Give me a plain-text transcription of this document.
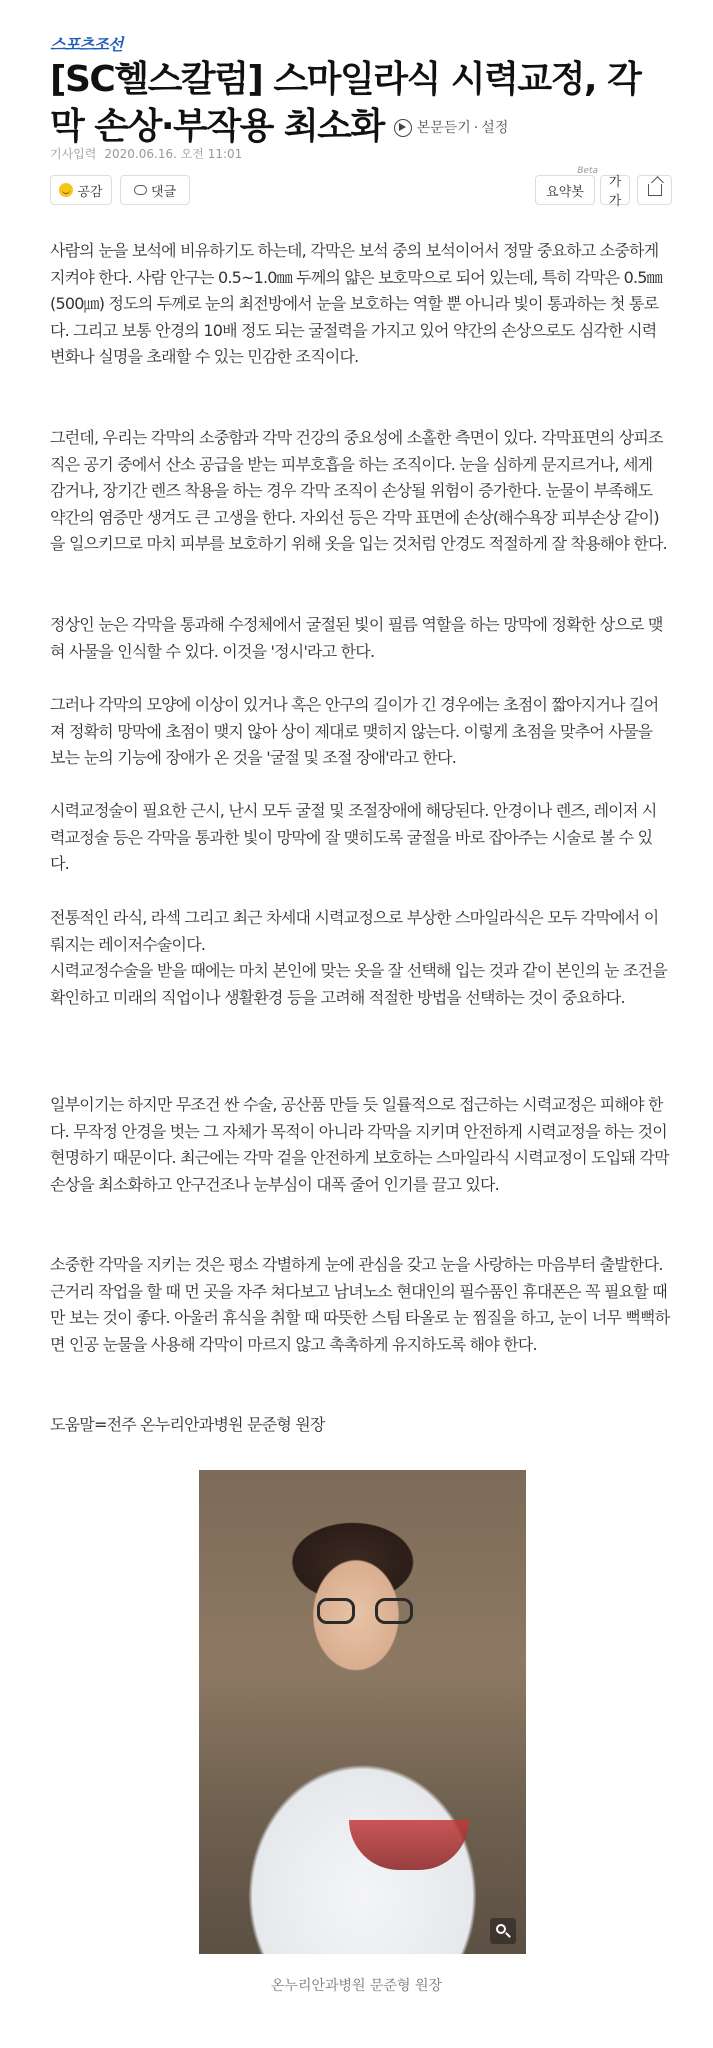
스포츠조선
[SC헬스칼럼] 스마일라식 시력교정, 각막 손상·부작용 최소화 본문듣기 · 설정
기사입력 2020.06.16. 오전 11:01
공감	댓글	요약봇
Beta
가가

사람의 눈을 보석에 비유하기도 하는데, 각막은 보석 중의 보석이어서 정말 중요하고 소중하게 지켜야 한다. 사람 안구는 0.5~1.0㎜ 두께의 얇은 보호막으로 되어 있는데, 특히 각막은 0.5㎜(500㎛) 정도의 두께로 눈의 최전방에서 눈을 보호하는 역할 뿐 아니라 빛이 통과하는 첫 통로다. 그리고 보통 안경의 10배 정도 되는 굴절력을 가지고 있어 약간의 손상으로도 심각한 시력 변화나 실명을 초래할 수 있는 민감한 조직이다.

그런데, 우리는 각막의 소중함과 각막 건강의 중요성에 소홀한 측면이 있다. 각막표면의 상피조직은 공기 중에서 산소 공급을 받는 피부호흡을 하는 조직이다. 눈을 심하게 문지르거나, 세게 감거나, 장기간 렌즈 착용을 하는 경우 각막 조직이 손상될 위험이 증가한다. 눈물이 부족해도 약간의 염증만 생겨도 큰 고생을 한다. 자외선 등은 각막 표면에 손상(해수욕장 피부손상 같이)을 일으키므로 마치 피부를 보호하기 위해 옷을 입는 것처럼 안경도 적절하게 잘 착용해야 한다.

정상인 눈은 각막을 통과해 수정체에서 굴절된 빛이 필름 역할을 하는 망막에 정확한 상으로 맺혀 사물을 인식할 수 있다. 이것을 '정시'라고 한다.

그러나 각막의 모양에 이상이 있거나 혹은 안구의 길이가 긴 경우에는 초점이 짧아지거나 길어져 정확히 망막에 초점이 맺지 않아 상이 제대로 맺히지 않는다. 이렇게 초점을 맞추어 사물을 보는 눈의 기능에 장애가 온 것을 '굴절 및 조절 장애'라고 한다.

시력교정술이 필요한 근시, 난시 모두 굴절 및 조절장애에 해당된다. 안경이나 렌즈, 레이저 시력교정술 등은 각막을 통과한 빛이 망막에 잘 맺히도록 굴절을 바로 잡아주는 시술로 볼 수 있다.

전통적인 라식, 라섹 그리고 최근 차세대 시력교정으로 부상한 스마일라식은 모두 각막에서 이뤄지는 레이저수술이다.

시력교정수술을 받을 때에는 마치 본인에 맞는 옷을 잘 선택해 입는 것과 같이 본인의 눈 조건을 확인하고 미래의 직업이나 생활환경 등을 고려해 적절한 방법을 선택하는 것이 중요하다.

일부이기는 하지만 무조건 싼 수술, 공산품 만들 듯 일률적으로 접근하는 시력교정은 피해야 한다. 무작정 안경을 벗는 그 자체가 목적이 아니라 각막을 지키며 안전하게 시력교정을 하는 것이 현명하기 때문이다. 최근에는 각막 겉을 안전하게 보호하는 스마일라식 시력교정이 도입돼 각막 손상을 최소화하고 안구건조나 눈부심이 대폭 줄어 인기를 끌고 있다.

소중한 각막을 지키는 것은 평소 각별하게 눈에 관심을 갖고 눈을 사랑하는 마음부터 출발한다. 근거리 작업을 할 때 먼 곳을 자주 쳐다보고 남녀노소 현대인의 필수품인 휴대폰은 꼭 필요할 때만 보는 것이 좋다. 아울러 휴식을 취할 때 따뜻한 스팀 타올로 눈 찜질을 하고, 눈이 너무 뻑뻑하면 인공 눈물을 사용해 각막이 마르지 않고 촉촉하게 유지하도록 해야 한다.

도움말=전주 온누리안과병원 문준형 원장

온누리안과병원 문준형 원장
